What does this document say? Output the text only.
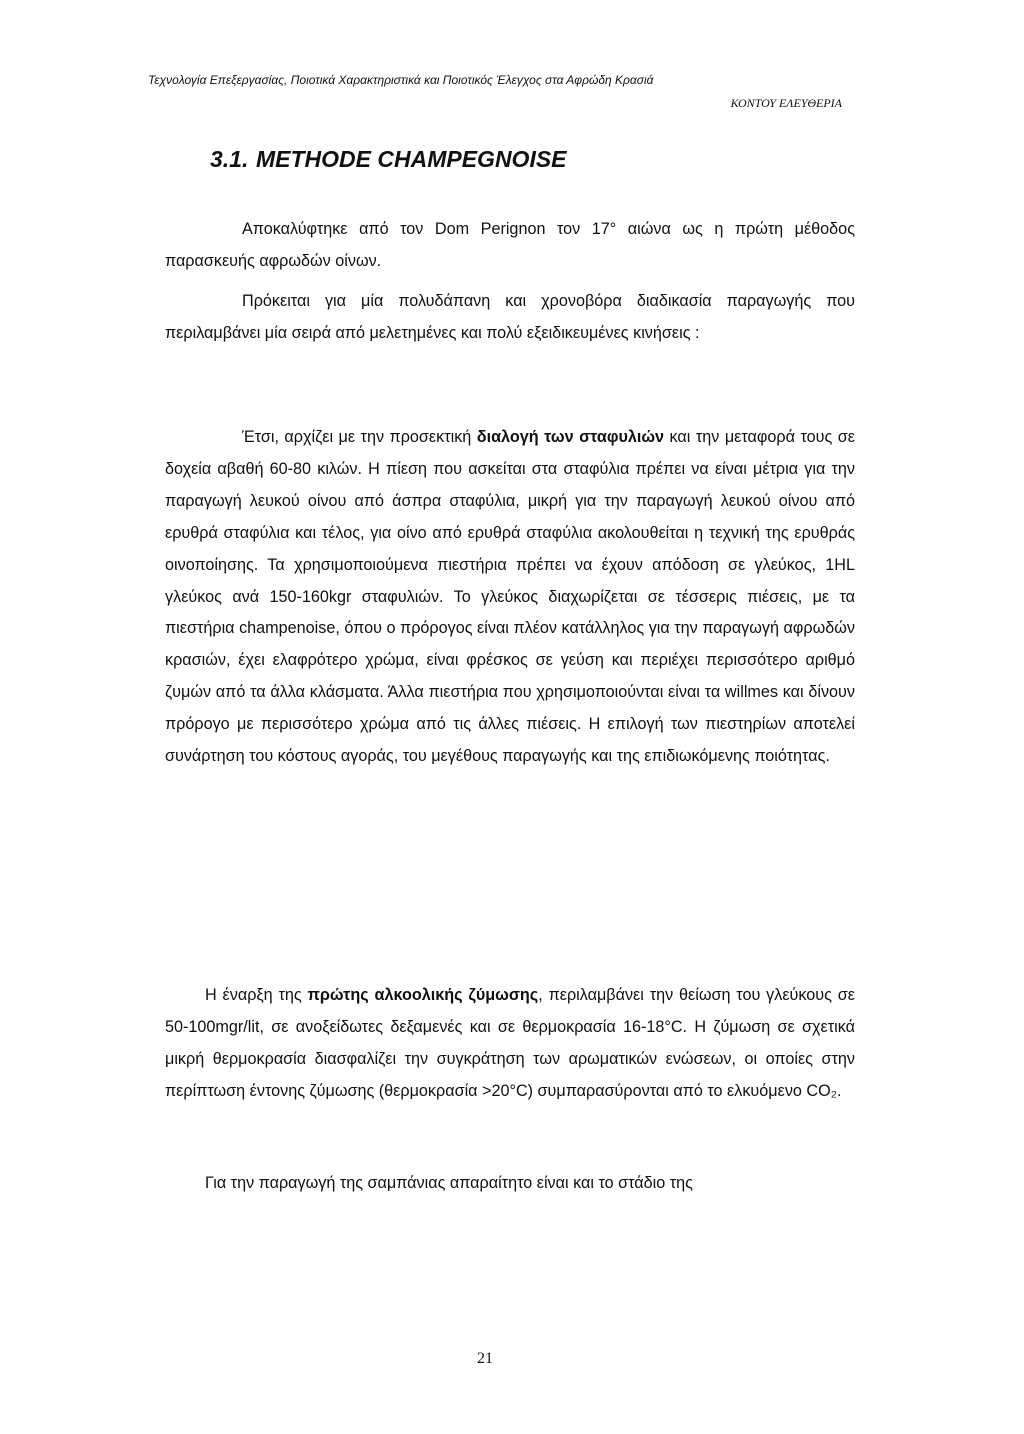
Τεχνολογία Επεξεργασίας, Ποιοτικά Χαρακτηριστικά και Ποιοτικός Έλεγχος στα Αφρώδη Κρασιά
ΚΟΝΤΟΥ ΕΛΕΥΘΕΡΙΑ
3.1. METHODE CHAMPEGNOISE

Αποκαλύφτηκε από τον Dom Perignon τον 17° αιώνα ως η πρώτη μέθοδος παρασκευής αφρωδών οίνων.

Πρόκειται για μία πολυδάπανη και χρονοβόρα διαδικασία παραγωγής που περιλαμβάνει μία σειρά από μελετημένες και πολύ εξειδικευμένες κινήσεις :

Έτσι, αρχίζει με την προσεκτική διαλογή των σταφυλιών και την μεταφορά τους σε δοχεία αβαθή 60-80 κιλών. Η πίεση που ασκείται στα σταφύλια πρέπει να είναι μέτρια για την παραγωγή λευκού οίνου από άσπρα σταφύλια, μικρή για την παραγωγή λευκού οίνου από ερυθρά σταφύλια και τέλος, για οίνο από ερυθρά σταφύλια ακολουθείται η τεχνική της ερυθράς οινοποίησης. Τα χρησιμοποιούμενα πιεστήρια πρέπει να έχουν απόδοση σε γλεύκος, 1HL γλεύκος ανά 150-160kgr σταφυλιών. Το γλεύκος διαχωρίζεται σε τέσσερις πιέσεις, με τα πιεστήρια champenoise, όπου ο πρόρογος είναι πλέον κατάλληλος για την παραγωγή αφρωδών κρασιών, έχει ελαφρότερο χρώμα, είναι φρέσκος σε γεύση και περιέχει περισσότερο αριθμό ζυμών από τα άλλα κλάσματα. Άλλα πιεστήρια που χρησιμοποιούνται είναι τα willmes και δίνουν πρόρογο με περισσότερο χρώμα από τις άλλες πιέσεις. Η επιλογή των πιεστηρίων αποτελεί συνάρτηση του κόστους αγοράς, του μεγέθους παραγωγής και της επιδιωκόμενης ποιότητας.

Η έναρξη της πρώτης αλκοολικής ζύμωσης, περιλαμβάνει την θείωση του γλεύκους σε 50-100mgr/lit, σε ανοξείδωτες δεξαμενές και σε θερμοκρασία 16-18°C. Η ζύμωση σε σχετικά μικρή θερμοκρασία διασφαλίζει την συγκράτηση των αρωματικών ενώσεων, οι οποίες στην περίπτωση έντονης ζύμωσης (θερμοκρασία >20°C) συμπαρασύρονται από το ελκυόμενο CO₂.

Για την παραγωγή της σαμπάνιας απαραίτητο είναι και το στάδιο της

21
